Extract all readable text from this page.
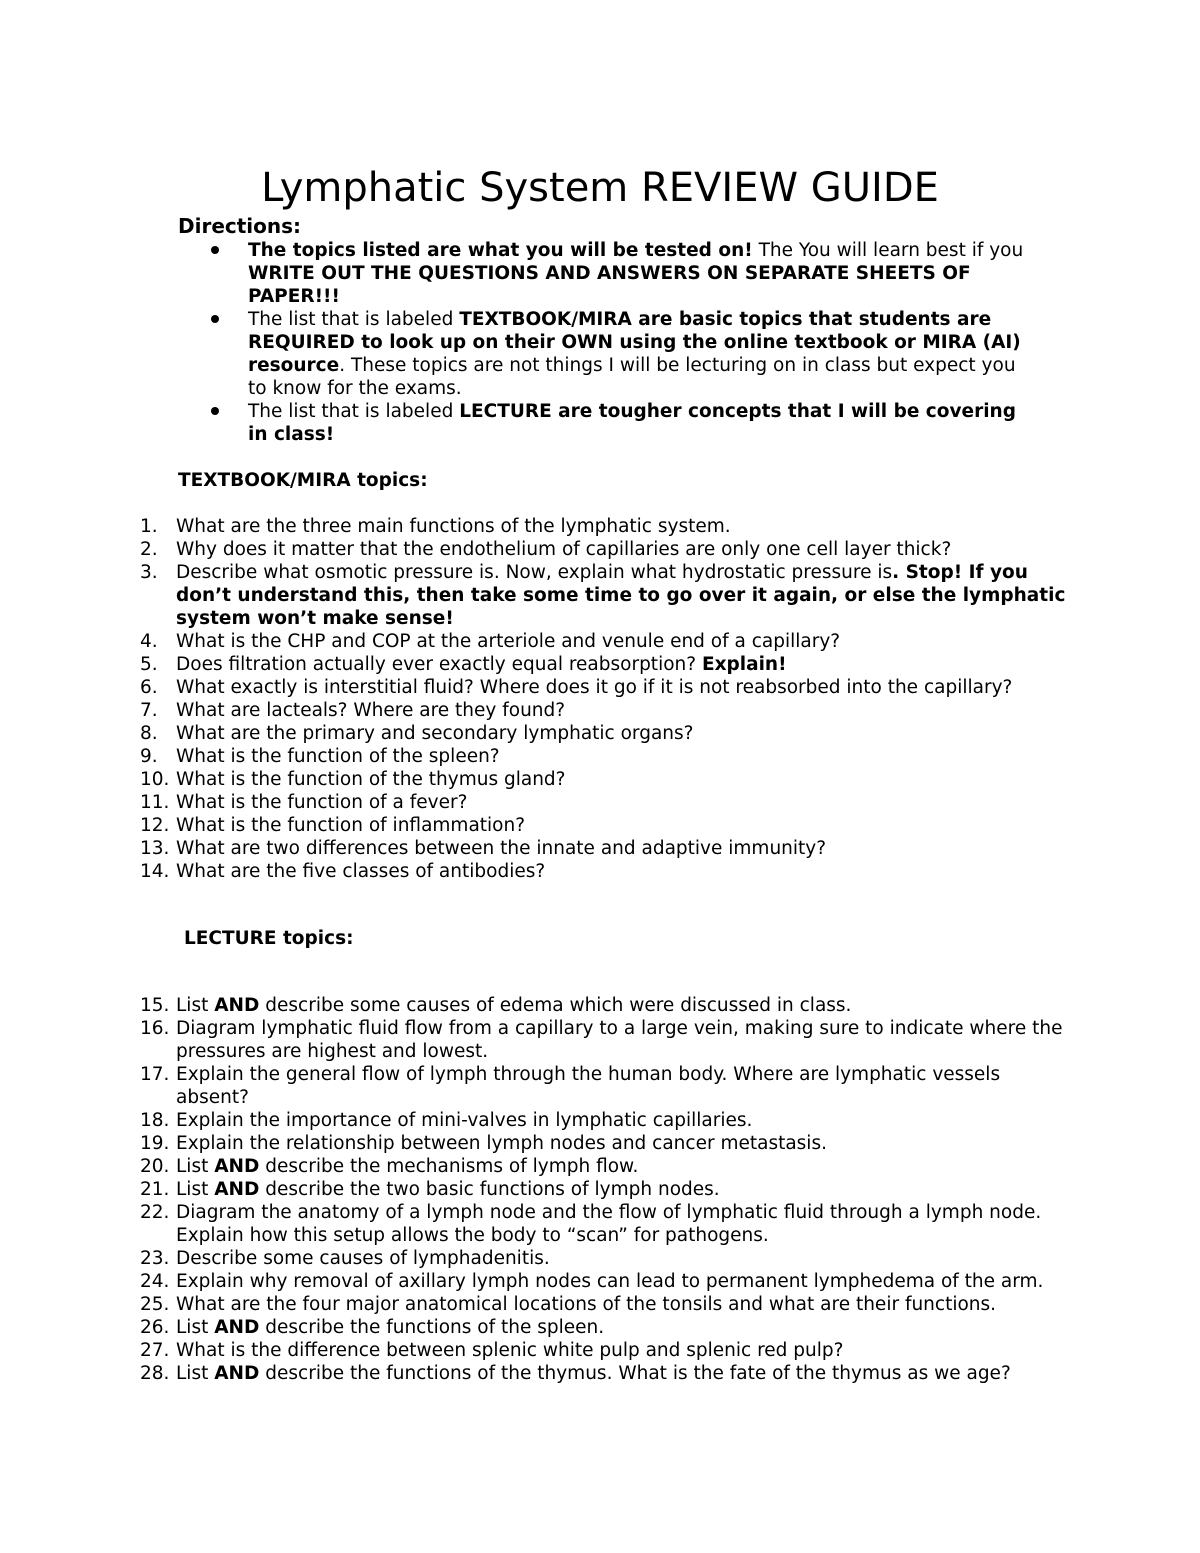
Lymphatic System REVIEW GUIDE
Directions:
The topics listed are what you will be tested on! The You will learn best if you WRITE OUT THE QUESTIONS AND ANSWERS ON SEPARATE SHEETS OF PAPER!!!
The list that is labeled TEXTBOOK/MIRA are basic topics that students are REQUIRED to look up on their OWN using the online textbook or MIRA (AI) resource. These topics are not things I will be lecturing on in class but expect you to know for the exams.
The list that is labeled LECTURE are tougher concepts that I will be covering in class!
TEXTBOOK/MIRA topics:
1. What are the three main functions of the lymphatic system.
2. Why does it matter that the endothelium of capillaries are only one cell layer thick?
3. Describe what osmotic pressure is. Now, explain what hydrostatic pressure is. Stop! If you don’t understand this, then take some time to go over it again, or else the lymphatic system won’t make sense!
4. What is the CHP and COP at the arteriole and venule end of a capillary?
5. Does filtration actually ever exactly equal reabsorption? Explain!
6. What exactly is interstitial fluid? Where does it go if it is not reabsorbed into the capillary?
7. What are lacteals? Where are they found?
8. What are the primary and secondary lymphatic organs?
9. What is the function of the spleen?
10. What is the function of the thymus gland?
11. What is the function of a fever?
12. What is the function of inflammation?
13. What are two differences between the innate and adaptive immunity?
14. What are the five classes of antibodies?
LECTURE topics:
15. List AND describe some causes of edema which were discussed in class.
16. Diagram lymphatic fluid flow from a capillary to a large vein, making sure to indicate where the pressures are highest and lowest.
17. Explain the general flow of lymph through the human body. Where are lymphatic vessels absent?
18. Explain the importance of mini-valves in lymphatic capillaries.
19. Explain the relationship between lymph nodes and cancer metastasis.
20. List AND describe the mechanisms of lymph flow.
21. List AND describe the two basic functions of lymph nodes.
22. Diagram the anatomy of a lymph node and the flow of lymphatic fluid through a lymph node. Explain how this setup allows the body to “scan” for pathogens.
23. Describe some causes of lymphadenitis.
24. Explain why removal of axillary lymph nodes can lead to permanent lymphedema of the arm.
25. What are the four major anatomical locations of the tonsils and what are their functions.
26. List AND describe the functions of the spleen.
27. What is the difference between splenic white pulp and splenic red pulp?
28. List AND describe the functions of the thymus. What is the fate of the thymus as we age?
